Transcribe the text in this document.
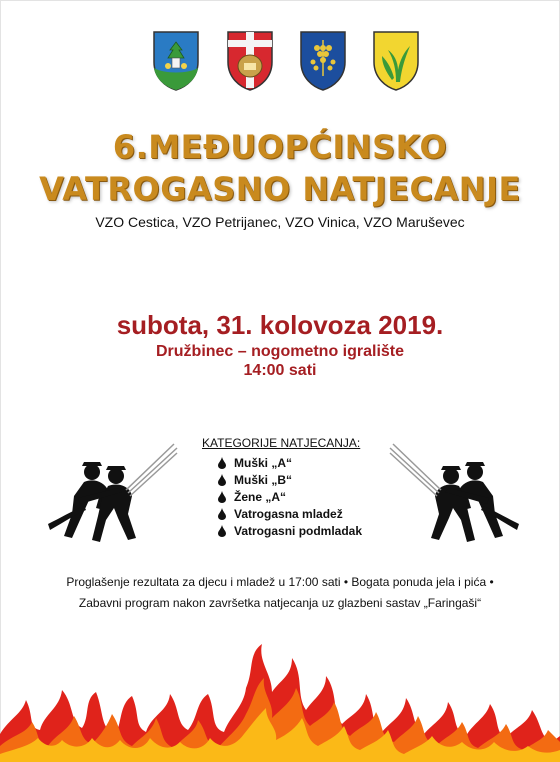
6.MEĐUOPĆINSKO
VATROGASNO NATJECANJE
VZO Cestica, VZO Petrijanec, VZO Vinica, VZO Maruševec
subota, 31. kolovoza 2019.
Družbinec – nogometno igralište
14:00 sati
KATEGORIJE NATJECANJA:
Muški „A“
Muški „B“
Žene „A“
Vatrogasna mladež
Vatrogasni podmladak
Proglašenje rezultata za djecu i mladež u 17:00 sati • Bogata ponuda jela i pića •
Zabavni program nakon završetka natjecanja uz glazbeni sastav „Faringaši“
